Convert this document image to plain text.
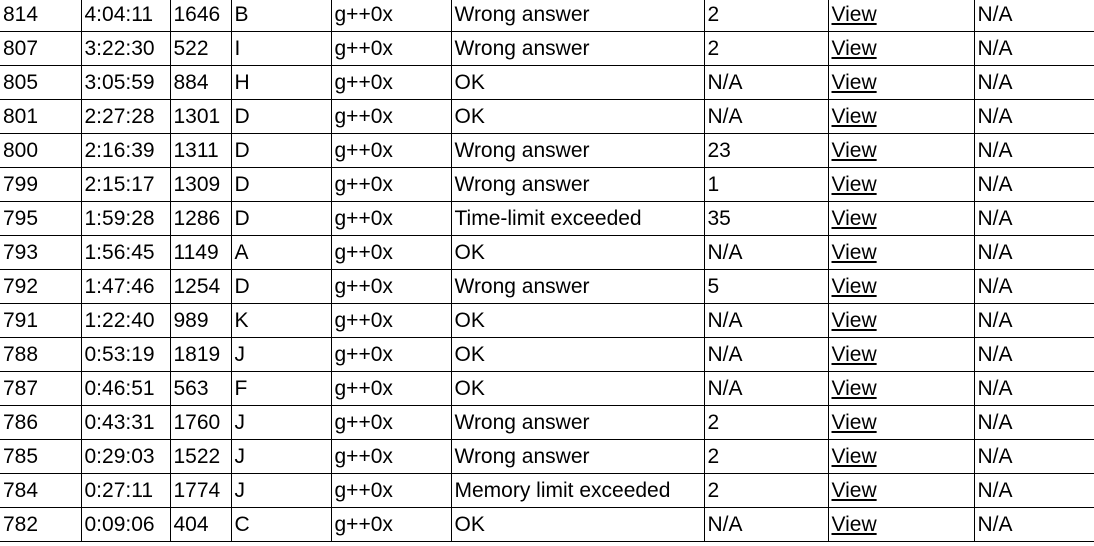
814	4:04:11	1646	B	g++0x	Wrong answer	2	View	N/A
807	3:22:30	522	I	g++0x	Wrong answer	2	View	N/A
805	3:05:59	884	H	g++0x	OK	N/A	View	N/A
801	2:27:28	1301	D	g++0x	OK	N/A	View	N/A
800	2:16:39	1311	D	g++0x	Wrong answer	23	View	N/A
799	2:15:17	1309	D	g++0x	Wrong answer	1	View	N/A
795	1:59:28	1286	D	g++0x	Time-limit exceeded	35	View	N/A
793	1:56:45	1149	A	g++0x	OK	N/A	View	N/A
792	1:47:46	1254	D	g++0x	Wrong answer	5	View	N/A
791	1:22:40	989	K	g++0x	OK	N/A	View	N/A
788	0:53:19	1819	J	g++0x	OK	N/A	View	N/A
787	0:46:51	563	F	g++0x	OK	N/A	View	N/A
786	0:43:31	1760	J	g++0x	Wrong answer	2	View	N/A
785	0:29:03	1522	J	g++0x	Wrong answer	2	View	N/A
784	0:27:11	1774	J	g++0x	Memory limit exceeded	2	View	N/A
782	0:09:06	404	C	g++0x	OK	N/A	View	N/A
